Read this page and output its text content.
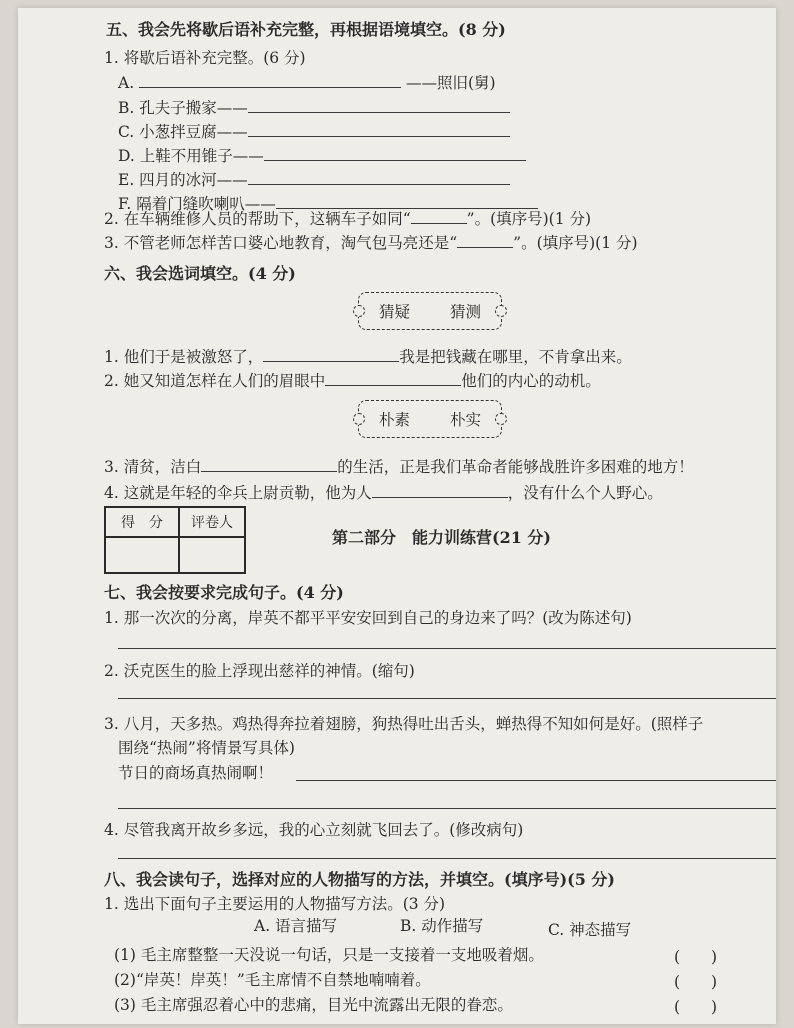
五、我会先将歇后语补充完整，再根据语境填空。(8 分)
1. 将歇后语补充完整。(6 分)
A.	——照旧(舅)
B. 孔夫子搬家——
C. 小葱拌豆腐——
D. 上鞋不用锥子——
E. 四月的冰河——
F. 隔着门缝吹喇叭——
2. 在车辆维修人员的帮助下，这辆车子如同“	”。(填序号)(1 分)
3. 不管老师怎样苦口婆心地教育，淘气包马亮还是“	”。(填序号)(1 分)
六、我会选词填空。(4 分)
猜疑	猜测
1. 他们于是被激怒了，	我是把钱藏在哪里，不肯拿出来。
2. 她又知道怎样在人们的眉眼中	他们的内心的动机。
朴素	朴实
3. 清贫，洁白	的生活，正是我们革命者能够战胜许多困难的地方！
4. 这就是年轻的伞兵上尉贡勒，他为人	，没有什么个人野心。
得　分	评卷人

第二部分　能力训练营(21 分)
七、我会按要求完成句子。(4 分)
1. 那一次次的分离，岸英不都平平安安回到自己的身边来了吗？(改为陈述句)
2. 沃克医生的脸上浮现出慈祥的神情。(缩句)
3. 八月，天多热。鸡热得奔拉着翅膀，狗热得吐出舌头，蝉热得不知如何是好。(照样子
围绕“热闹”将情景写具体)
节日的商场真热闹啊！
4. 尽管我离开故乡多远，我的心立刻就飞回去了。(修改病句)
八、我会读句子，选择对应的人物描写的方法，并填空。(填序号)(5 分)
1. 选出下面句子主要运用的人物描写方法。(3 分)
A. 语言描写	B. 动作描写	C. 神态描写
(1) 毛主席整整一天没说一句话，只是一支接着一支地吸着烟。	(　　)
(2)“岸英！岸英！”毛主席情不自禁地喃喃着。	(　　)
(3) 毛主席强忍着心中的悲痛，目光中流露出无限的眷恋。	(　　)
